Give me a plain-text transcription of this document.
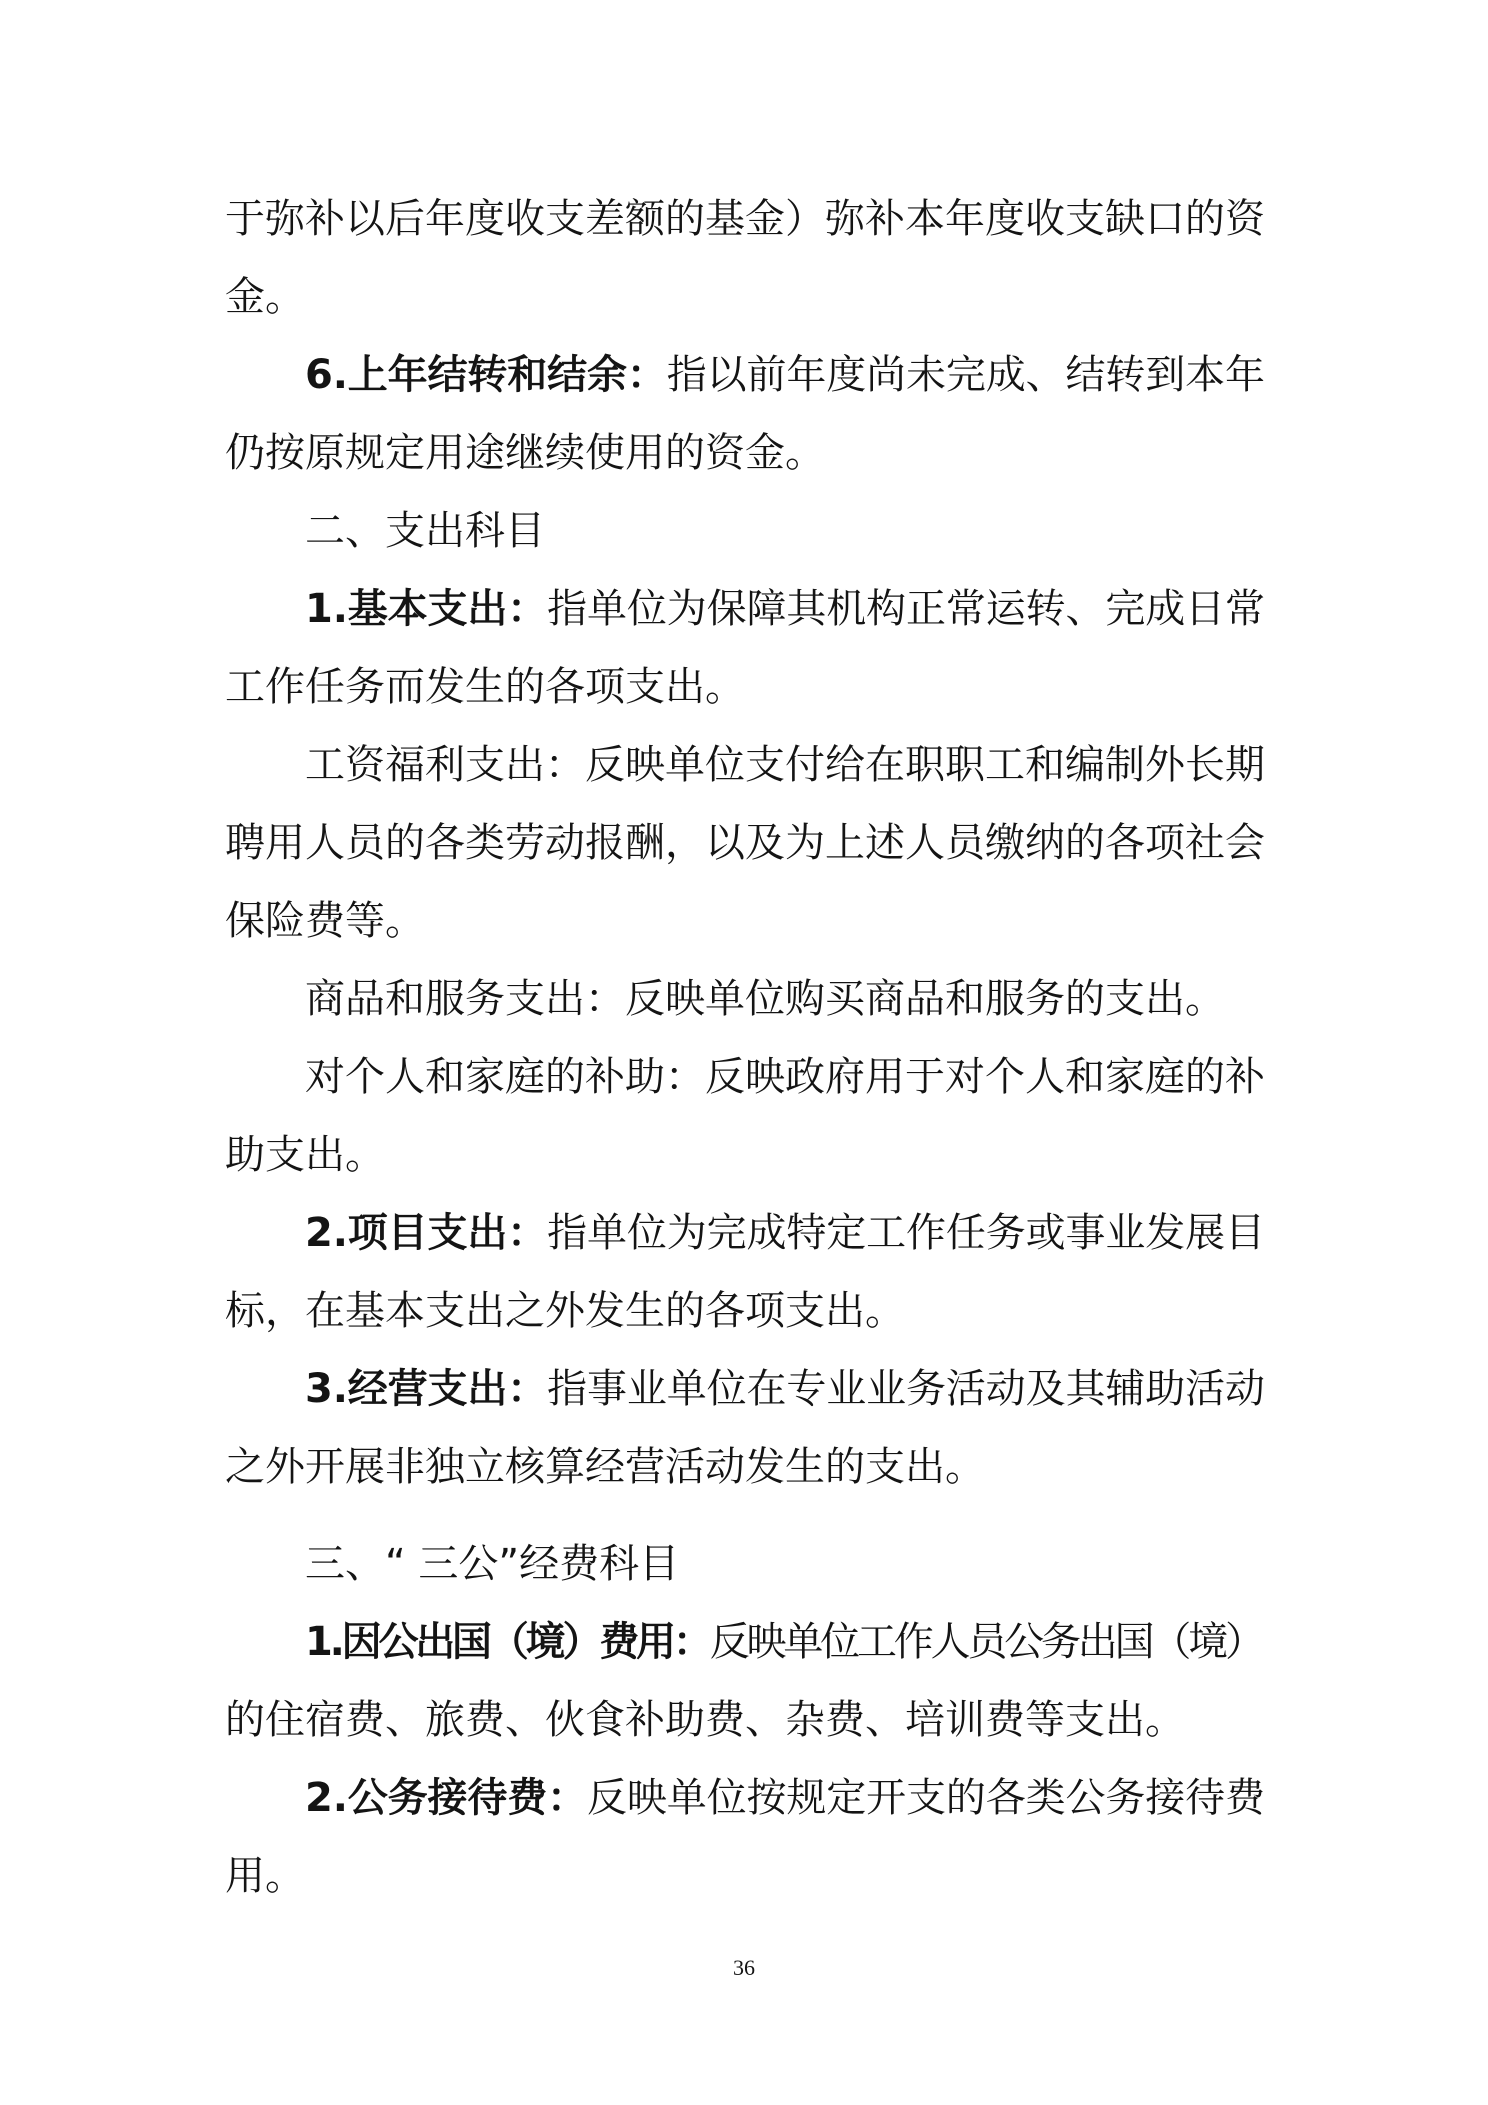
于弥补以后年度收支差额的基金）弥补本年度收支缺口的资
金。
6.上年结转和结余：指以前年度尚未完成、结转到本年
仍按原规定用途继续使用的资金。
二、支出科目
1.基本支出：指单位为保障其机构正常运转、完成日常
工作任务而发生的各项支出。
工资福利支出：反映单位支付给在职职工和编制外长期
聘用人员的各类劳动报酬，以及为上述人员缴纳的各项社会
保险费等。
商品和服务支出：反映单位购买商品和服务的支出。
对个人和家庭的补助：反映政府用于对个人和家庭的补
助支出。
2.项目支出：指单位为完成特定工作任务或事业发展目
标，在基本支出之外发生的各项支出。
3.经营支出：指事业单位在专业业务活动及其辅助活动
之外开展非独立核算经营活动发生的支出。
三、“ 三公”经费科目
1.因公出国（境）费用：反映单位工作人员公务出国（境）
的住宿费、旅费、伙食补助费、杂费、培训费等支出。
2.公务接待费：反映单位按规定开支的各类公务接待费
用。
36
